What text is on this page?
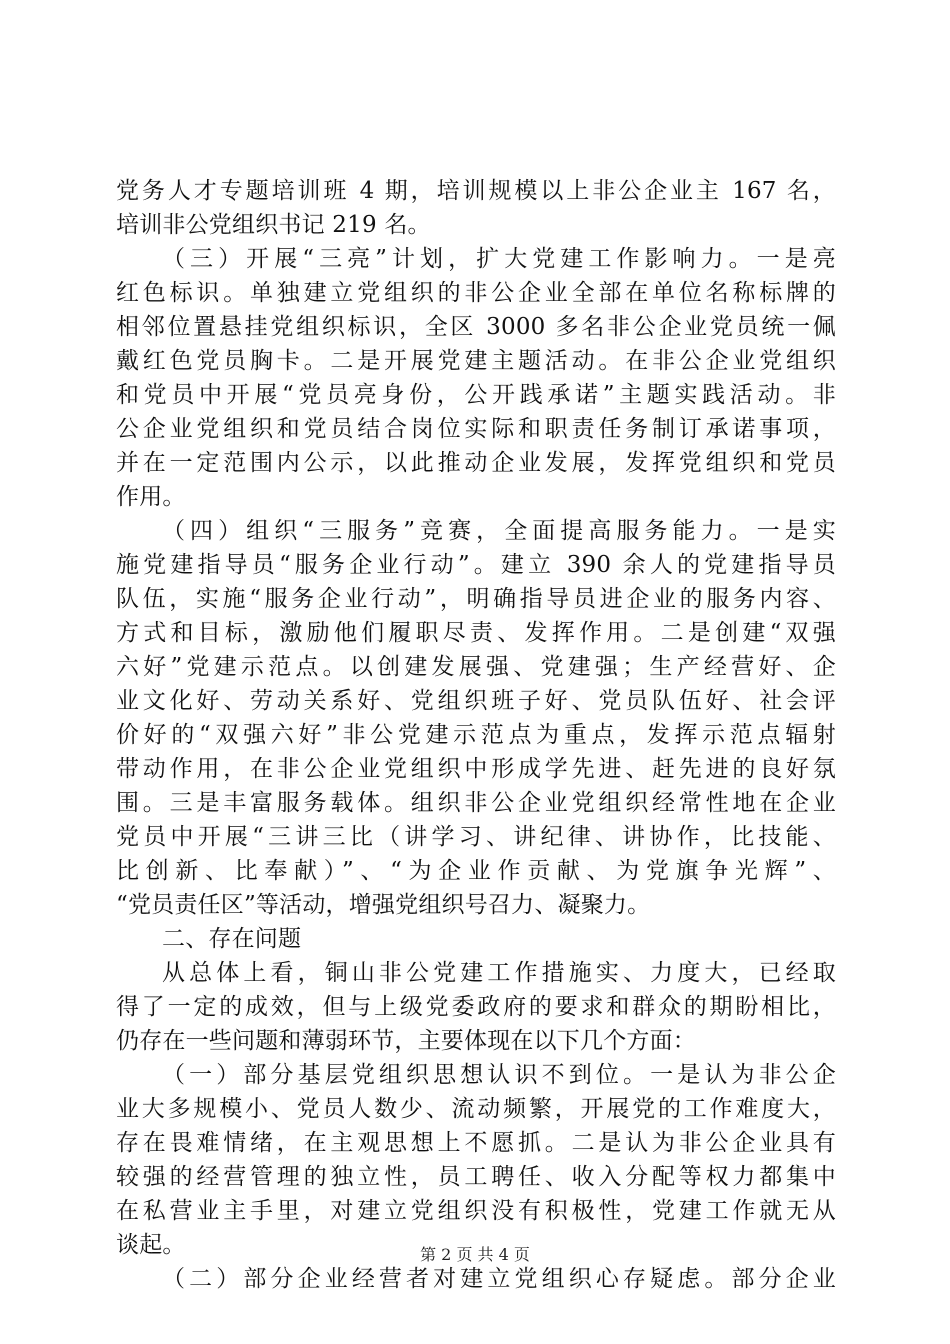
党务人才专题培训班 4 期，培训规模以上非公企业主 167 名，
培训非公党组织书记 219 名。
（三）开展“三亮”计划，扩大党建工作影响力。一是亮
红色标识。单独建立党组织的非公企业全部在单位名称标牌的
相邻位置悬挂党组织标识，全区 3000 多名非公企业党员统一佩
戴红色党员胸卡。二是开展党建主题活动。在非公企业党组织
和党员中开展“党员亮身份，公开践承诺”主题实践活动。非
公企业党组织和党员结合岗位实际和职责任务制订承诺事项，
并在一定范围内公示，以此推动企业发展，发挥党组织和党员
作用。
（四）组织“三服务”竞赛，全面提高服务能力。一是实
施党建指导员“服务企业行动”。建立 390 余人的党建指导员
队伍，实施“服务企业行动”，明确指导员进企业的服务内容、
方式和目标，激励他们履职尽责、发挥作用。二是创建“双强
六好”党建示范点。以创建发展强、党建强；生产经营好、企
业文化好、劳动关系好、党组织班子好、党员队伍好、社会评
价好的“双强六好”非公党建示范点为重点，发挥示范点辐射
带动作用，在非公企业党组织中形成学先进、赶先进的良好氛
围。三是丰富服务载体。组织非公企业党组织经常性地在企业
党员中开展“三讲三比（讲学习、讲纪律、讲协作，比技能、
比创新、比奉献）”、“为企业作贡献、为党旗争光辉”、
“党员责任区”等活动，增强党组织号召力、凝聚力。
二、存在问题
从总体上看，铜山非公党建工作措施实、力度大，已经取
得了一定的成效，但与上级党委政府的要求和群众的期盼相比，
仍存在一些问题和薄弱环节，主要体现在以下几个方面：
（一）部分基层党组织思想认识不到位。一是认为非公企
业大多规模小、党员人数少、流动频繁，开展党的工作难度大，
存在畏难情绪，在主观思想上不愿抓。二是认为非公企业具有
较强的经营管理的独立性，员工聘任、收入分配等权力都集中
在私营业主手里，对建立党组织没有积极性，党建工作就无从
谈起。
（二）部分企业经营者对建立党组织心存疑虑。部分企业
第 2 页 共 4 页
